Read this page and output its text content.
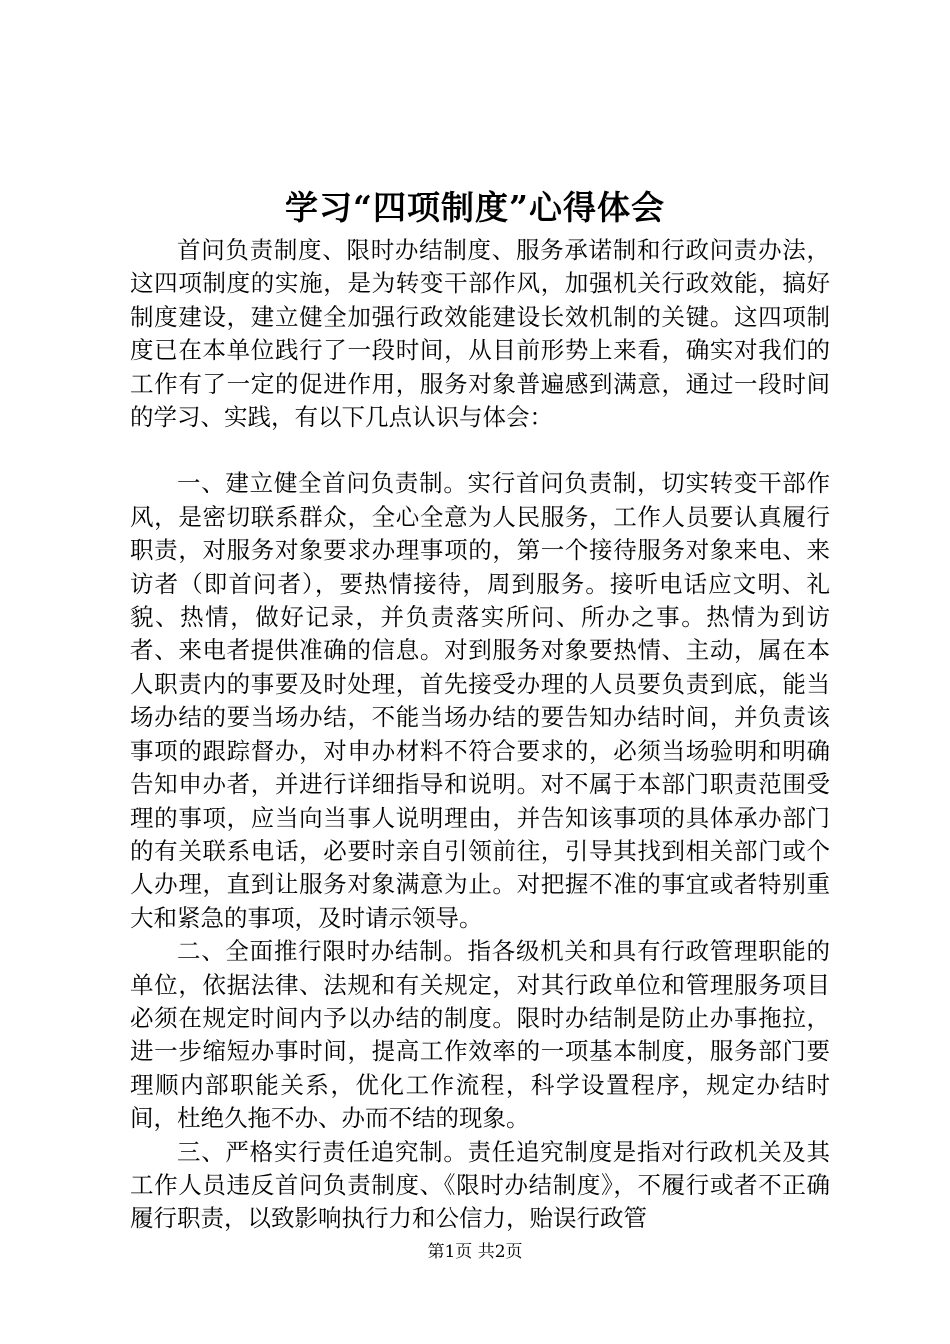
学习“四项制度”心得体会

首问负责制度、限时办结制度、服务承诺制和行政问责办法，这四项制度的实施，是为转变干部作风，加强机关行政效能，搞好制度建设，建立健全加强行政效能建设长效机制的关键。这四项制度已在本单位践行了一段时间，从目前形势上来看，确实对我们的工作有了一定的促进作用，服务对象普遍感到满意，通过一段时间的学习、实践，有以下几点认识与体会：

一、建立健全首问负责制。实行首问负责制，切实转变干部作风，是密切联系群众，全心全意为人民服务，工作人员要认真履行职责，对服务对象要求办理事项的，第一个接待服务对象来电、来访者（即首问者），要热情接待，周到服务。接听电话应文明、礼貌、热情，做好记录，并负责落实所问、所办之事。热情为到访者、来电者提供准确的信息。对到服务对象要热情、主动，属在本人职责内的事要及时处理，首先接受办理的人员要负责到底，能当场办结的要当场办结，不能当场办结的要告知办结时间，并负责该事项的跟踪督办，对申办材料不符合要求的，必须当场验明和明确告知申办者，并进行详细指导和说明。对不属于本部门职责范围受理的事项，应当向当事人说明理由，并告知该事项的具体承办部门的有关联系电话，必要时亲自引领前往，引导其找到相关部门或个人办理，直到让服务对象满意为止。对把握不准的事宜或者特别重大和紧急的事项，及时请示领导。

二、全面推行限时办结制。指各级机关和具有行政管理职能的单位，依据法律、法规和有关规定，对其行政单位和管理服务项目必须在规定时间内予以办结的制度。限时办结制是防止办事拖拉，进一步缩短办事时间，提高工作效率的一项基本制度，服务部门要理顺内部职能关系，优化工作流程，科学设置程序，规定办结时间，杜绝久拖不办、办而不结的现象。

三、严格实行责任追究制。责任追究制度是指对行政机关及其工作人员违反首问负责制度、《限时办结制度》，不履行或者不正确履行职责，以致影响执行力和公信力，贻误行政管

第1页 共2页
